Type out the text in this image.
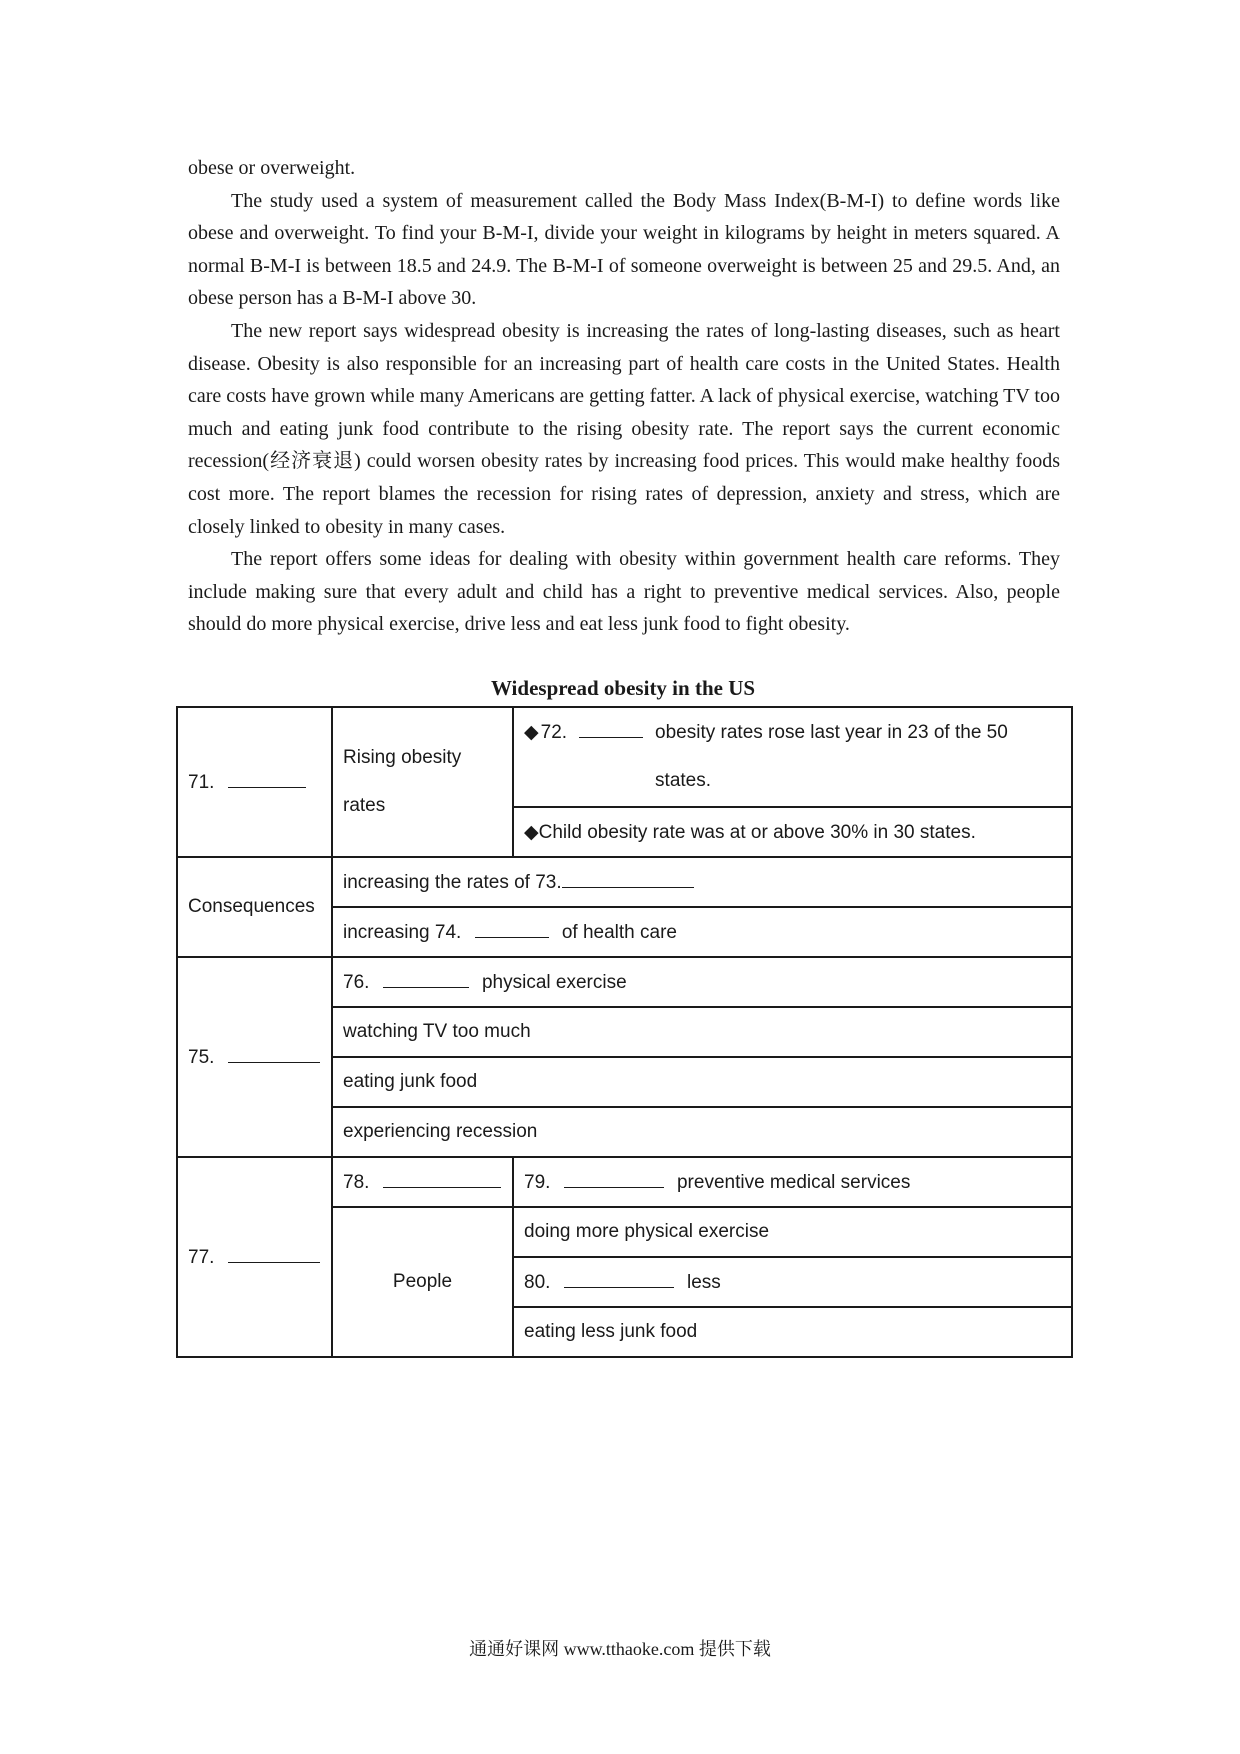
obese or overweight.

The study used a system of measurement called the Body Mass Index(B-M-I) to define words like obese and overweight. To find your B-M-I, divide your weight in kilograms by height in meters squared. A normal B-M-I is between 18.5 and 24.9. The B-M-I of someone overweight is between 25 and 29.5. And, an obese person has a B-M-I above 30.

The new report says widespread obesity is increasing the rates of long-lasting diseases, such as heart disease. Obesity is also responsible for an increasing part of health care costs in the United States. Health care costs have grown while many Americans are getting fatter. A lack of physical exercise, watching TV too much and eating junk food contribute to the rising obesity rate. The report says the current economic recession(经济衰退) could worsen obesity rates by increasing food prices. This would make healthy foods cost more. The report blames the recession for rising rates of depression, anxiety and stress, which are closely linked to obesity in many cases.

The report offers some ideas for dealing with obesity within government health care reforms. They include making sure that every adult and child has a right to preventive medical services. Also, people should do more physical exercise, drive less and eat less junk food to fight obesity.

Widespread obesity in the US
71.	Rising obesity rates	◆ 72. obesity rates rose last year in 23 of the 50 states.

		◆Child obesity rate was at or above 30% in 30 states.
Consequences	increasing the rates of 73.	
	increasing 74. of health care	
75.	76. physical exercise	
	watching TV too much	
	eating junk food	
	experiencing recession	
77.	78.	79. preventive medical services
	People	doing more physical exercise
		80. less
		eating less junk food
通通好课网 www.tthaoke.com 提供下载
